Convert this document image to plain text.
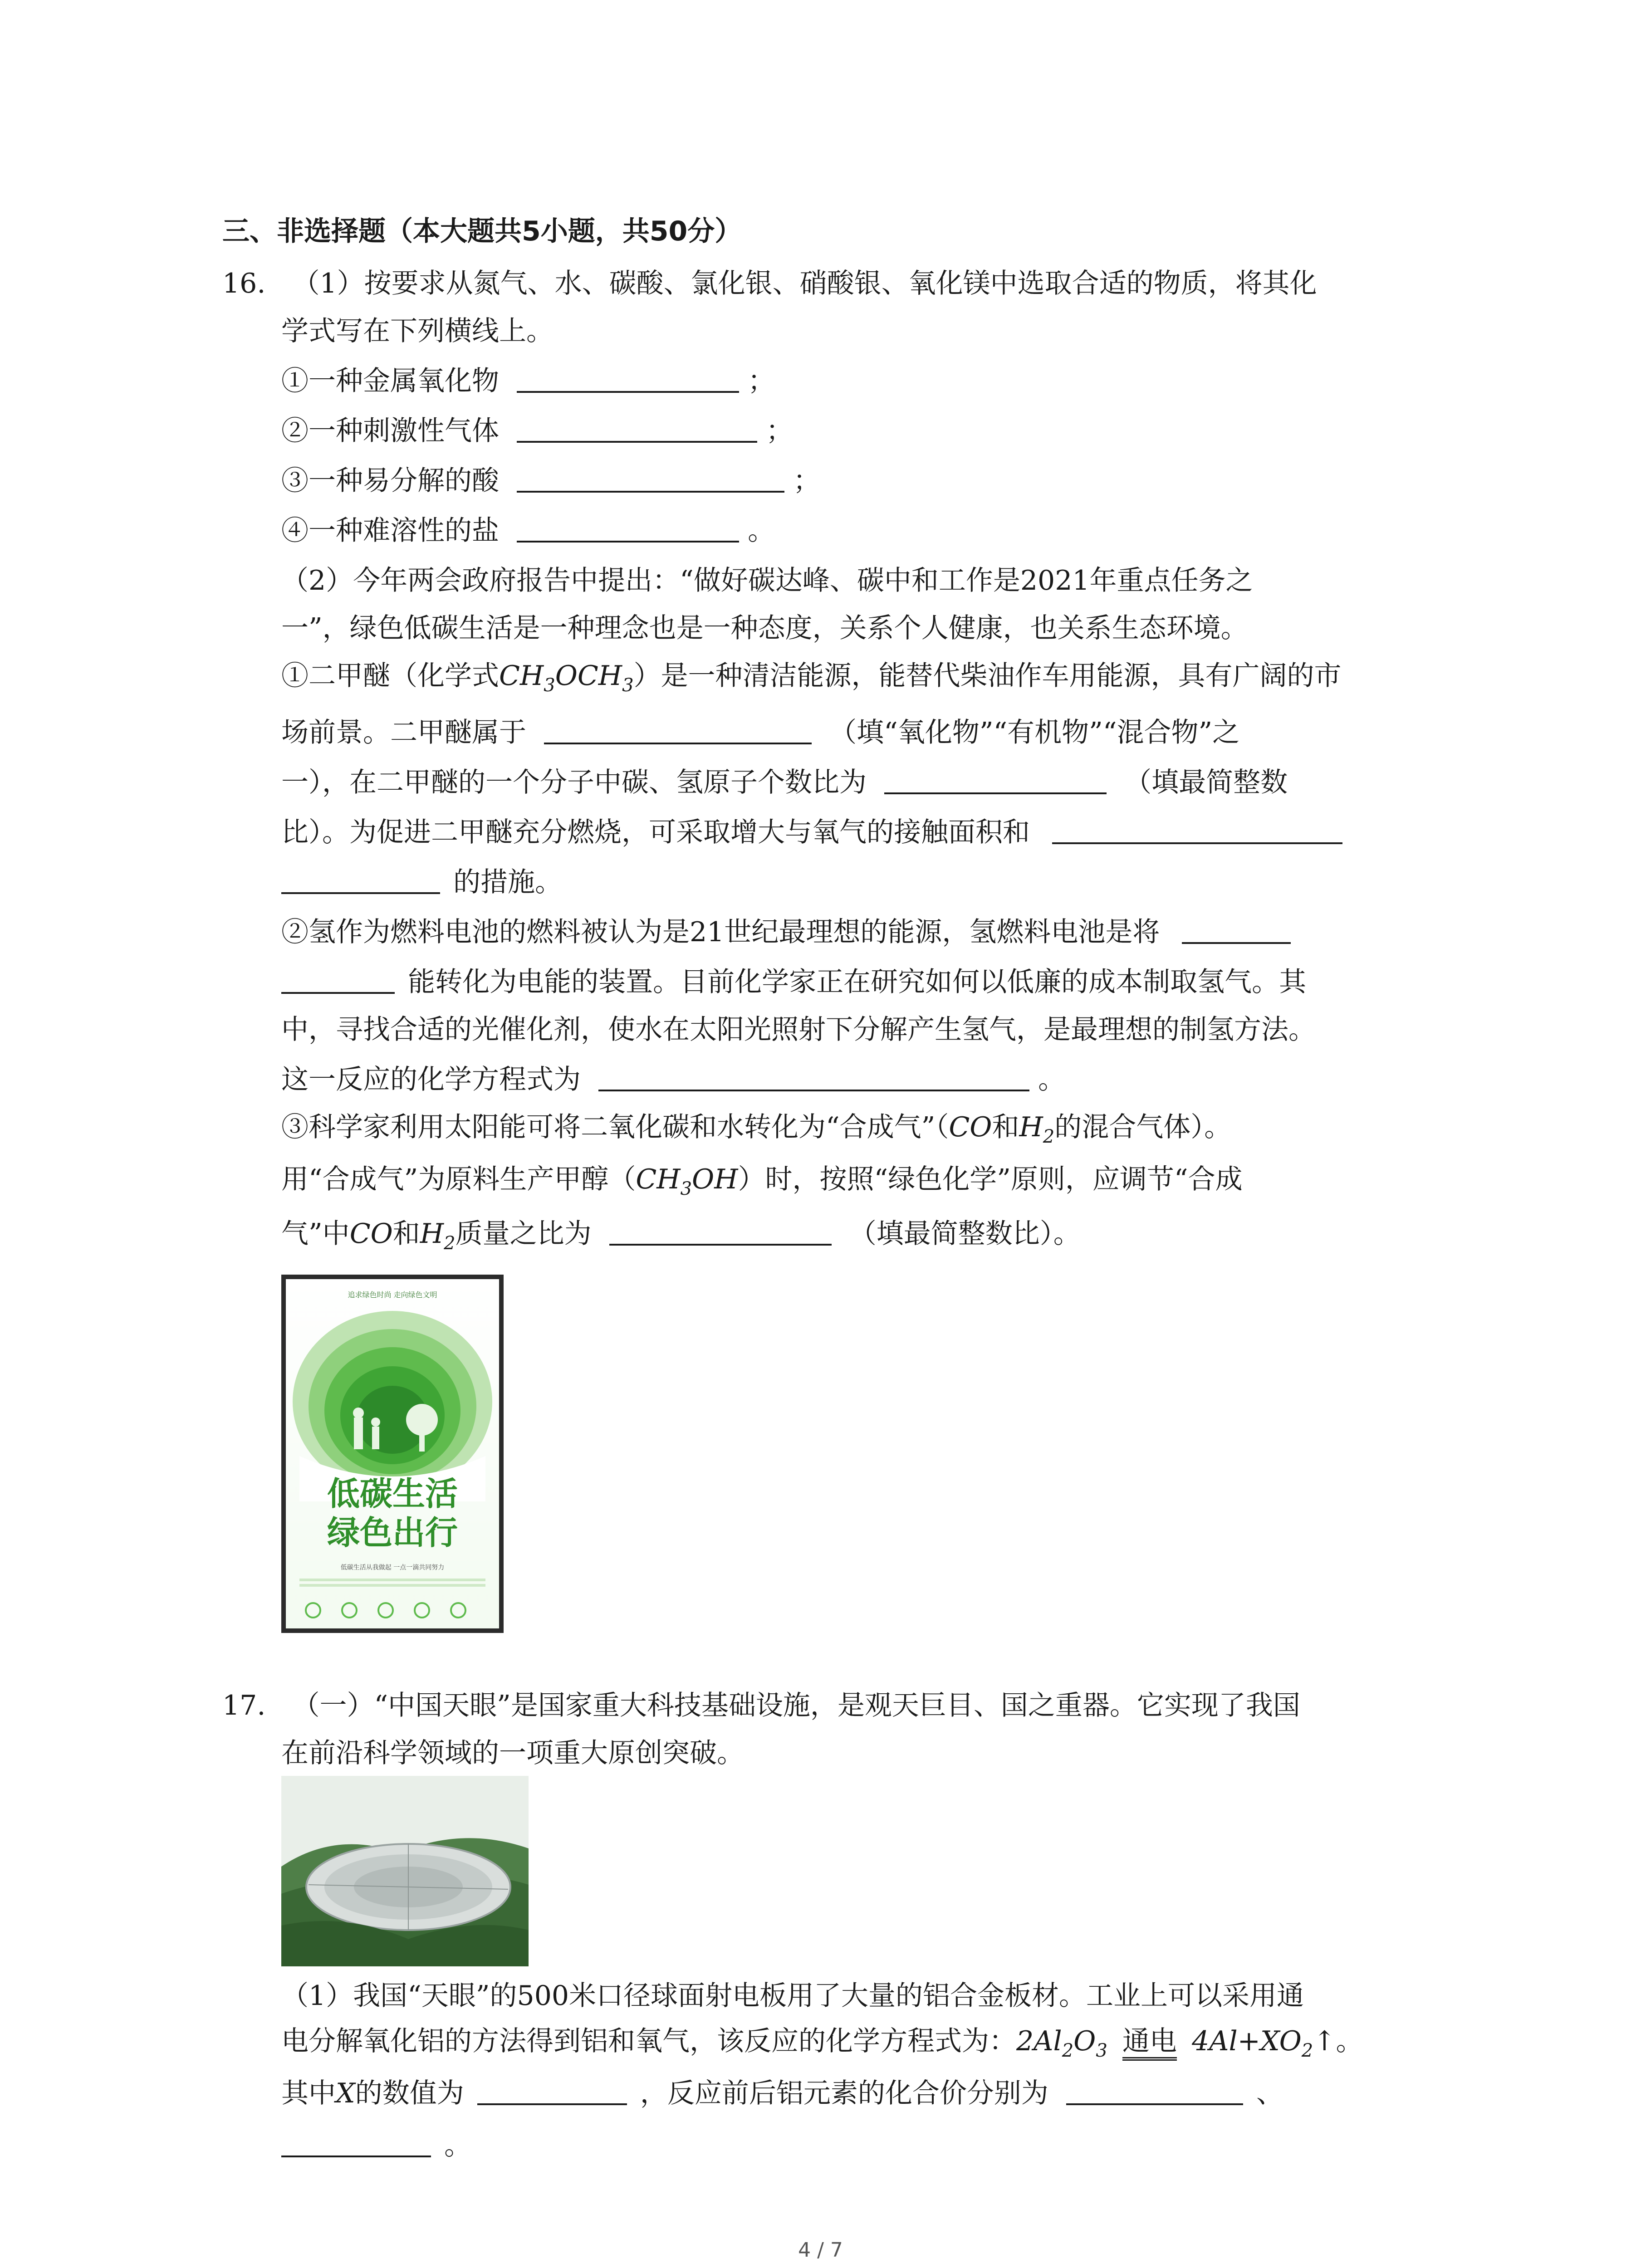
三、非选择题（本大题共5小题，共50分）
16. （1）按要求从氮气、水、碳酸、氯化银、硝酸银、氧化镁中选取合适的物质，将其化
学式写在下列横线上。
①一种金属氧化物	；
②一种刺激性气体	；
③一种易分解的酸	；
④一种难溶性的盐	。
（2）今年两会政府报告中提出：“做好碳达峰、碳中和工作是2021年重点任务之
一”，绿色低碳生活是一种理念也是一种态度，关系个人健康，也关系生态环境。
①二甲醚（化学式$CH_3OCH_3$）是一种清洁能源，能替代柴油作车用能源，具有广阔的市
场前景。二甲醚属于	（填“氧化物”“有机物”“混合物”之
一），在二甲醚的一个分子中碳、氢原子个数比为	（填最简整数
比）。为促进二甲醚充分燃烧，可采取增大与氧气的接触面积和
的措施。
②氢作为燃料电池的燃料被认为是21世纪最理想的能源，氢燃料电池是将
能转化为电能的装置。目前化学家正在研究如何以低廉的成本制取氢气。其
中，寻找合适的光催化剂，使水在太阳光照射下分解产生氢气，是最理想的制氢方法。
这一反应的化学方程式为	。
③科学家利用太阳能可将二氧化碳和水转化为“合成气”（CO和$H_2$的混合气体）。
用“合成气”为原料生产甲醇$(CH_3OH)$时，按照“绿色化学”原则，应调节“合成
气”中CO和$H_2$质量之比为	（填最简整数比）。
追求绿色时尚 走向绿色文明
低碳生活
绿色出行
低碳生活从我做起 一点一滴共同努力
17. （一）“中国天眼”是国家重大科技基础设施，是观天巨目、国之重器。它实现了我国
在前沿科学领域的一项重大原创突破。
（1）我国“天眼”的500米口径球面射电板用了大量的铝合金板材。工业上可以采用通
电分解氧化铝的方法得到铝和氧气，该反应的化学方程式为：$2Al_2O_3$ 通电 $4Al+XO_2↑$。
其中X的数值为	，反应前后铝元素的化合价分别为	、
。
4 / 7
